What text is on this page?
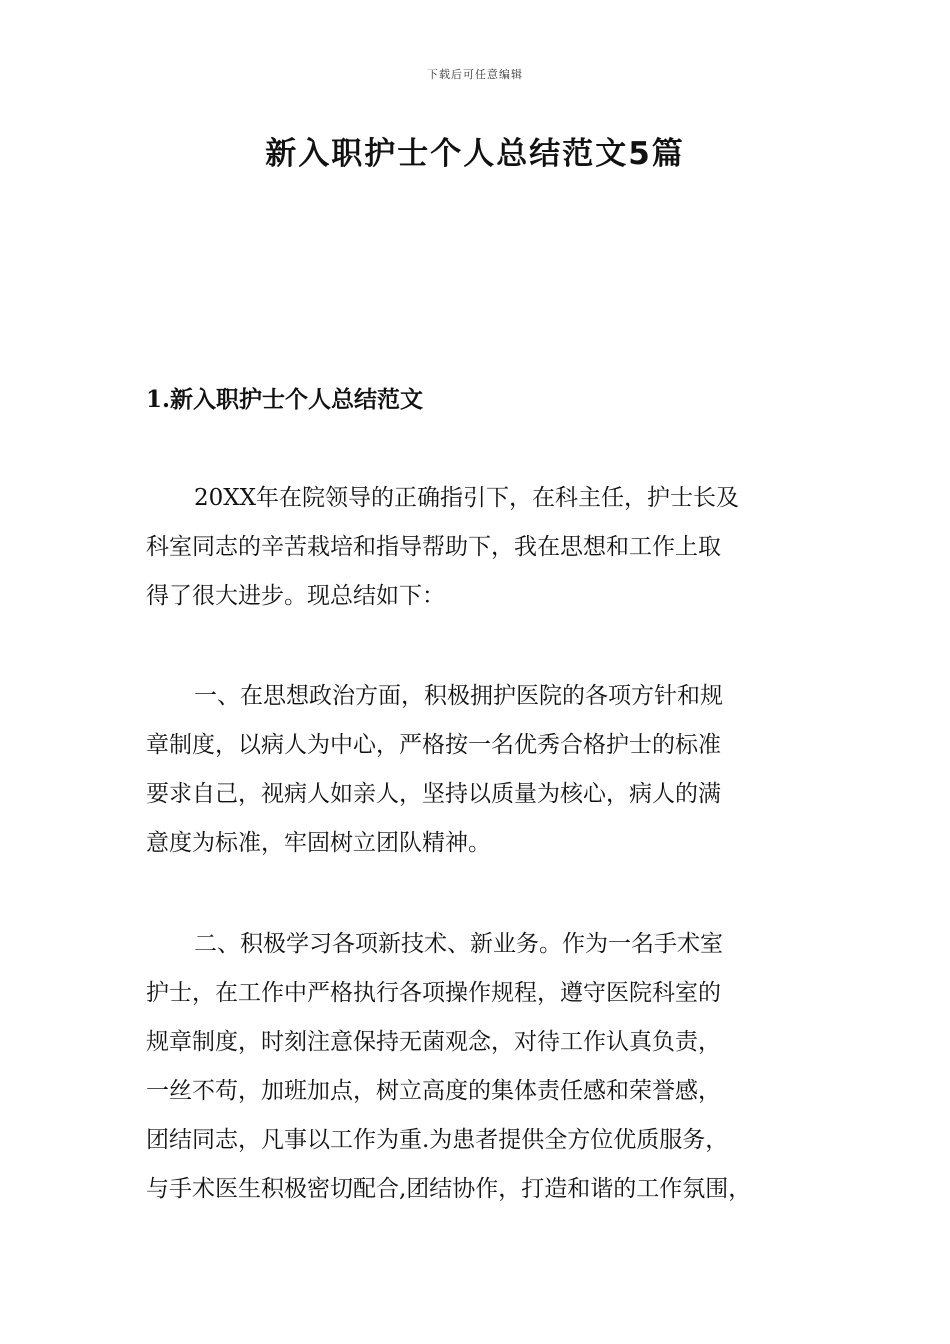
下载后可任意编辑
新入职护士个人总结范文5篇
1.新入职护士个人总结范文
20XX年在院领导的正确指引下，在科主任，护士长及
科室同志的辛苦栽培和指导帮助下，我在思想和工作上取
得了很大进步。现总结如下：
一、在思想政治方面，积极拥护医院的各项方针和规
章制度，以病人为中心，严格按一名优秀合格护士的标准
要求自己，视病人如亲人，坚持以质量为核心，病人的满
意度为标准，牢固树立团队精神。
二、积极学习各项新技术、新业务。作为一名手术室
护士，在工作中严格执行各项操作规程，遵守医院科室的
规章制度，时刻注意保持无菌观念，对待工作认真负责，
一丝不苟，加班加点，树立高度的集体责任感和荣誉感，
团结同志，凡事以工作为重.为患者提供全方位优质服务，
与手术医生积极密切配合,团结协作，打造和谐的工作氛围，
